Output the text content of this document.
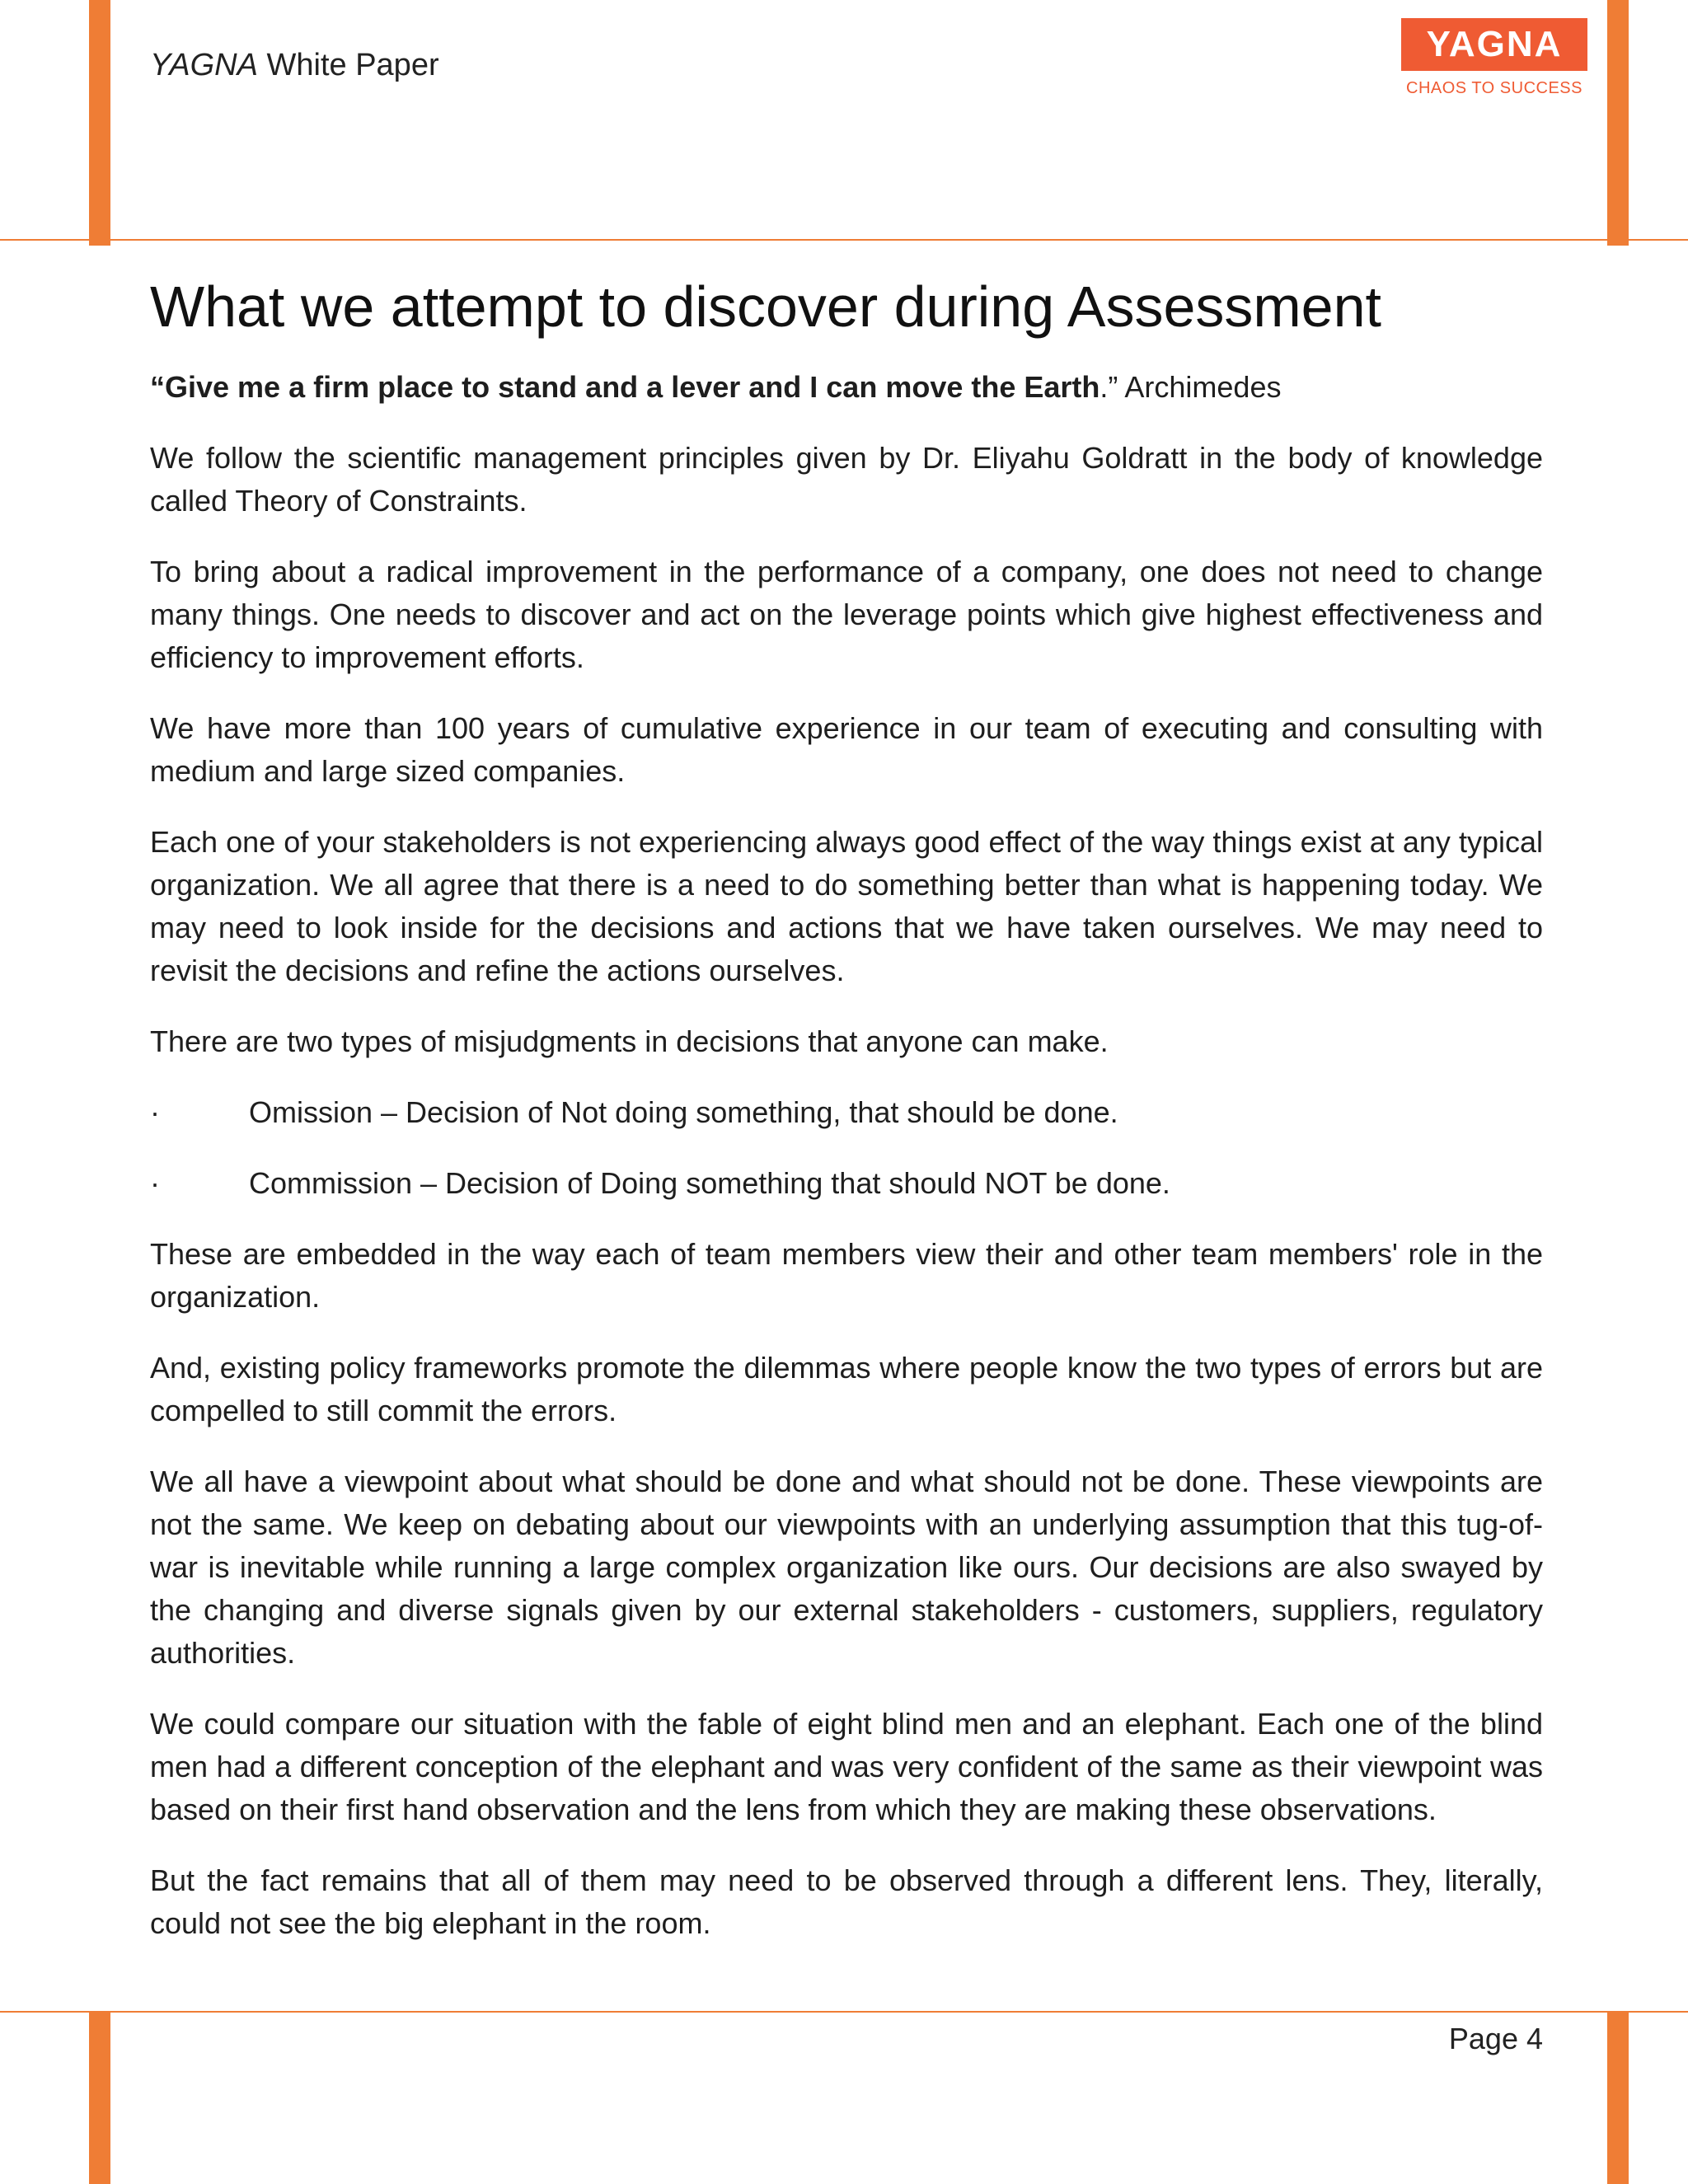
YAGNA White Paper
YAGNA
CHAOS TO SUCCESS
What we attempt to discover during Assessment

“Give me a firm place to stand and a lever and I can move the Earth.” Archimedes

We follow the scientific management principles given by Dr. Eliyahu Goldratt in the body of knowledge called Theory of Constraints.

To bring about a radical improvement in the performance of a company, one does not need to change many things. One needs to discover and act on the leverage points which give highest effectiveness and efficiency to improvement efforts.

We have more than 100 years of cumulative experience in our team of executing and consulting with medium and large sized companies.

Each one of your stakeholders is not experiencing always good effect of the way things exist at any typical organization. We all agree that there is a need to do something better than what is happening today. We may need to look inside for the decisions and actions that we have taken ourselves. We may need to revisit the decisions and refine the actions ourselves.

There are two types of misjudgments in decisions that anyone can make.

·	Omission – Decision of Not doing something, that should be done.
·	Commission – Decision of Doing something that should NOT be done.

These are embedded in the way each of team members view their and other team members' role in the organization.

And, existing policy frameworks promote the dilemmas where people know the two types of errors but are compelled to still commit the errors.

We all have a viewpoint about what should be done and what should not be done. These viewpoints are not the same. We keep on debating about our viewpoints with an underlying assumption that this tug-of-war is inevitable while running a large complex organization like ours. Our decisions are also swayed by the changing and diverse signals given by our external stakeholders - customers, suppliers, regulatory authorities.

We could compare our situation with the fable of eight blind men and an elephant. Each one of the blind men had a different conception of the elephant and was very confident of the same as their viewpoint was based on their first hand observation and the lens from which they are making these observations.

But the fact remains that all of them may need to be observed through a different lens. They, literally, could not see the big elephant in the room.

Page 4
